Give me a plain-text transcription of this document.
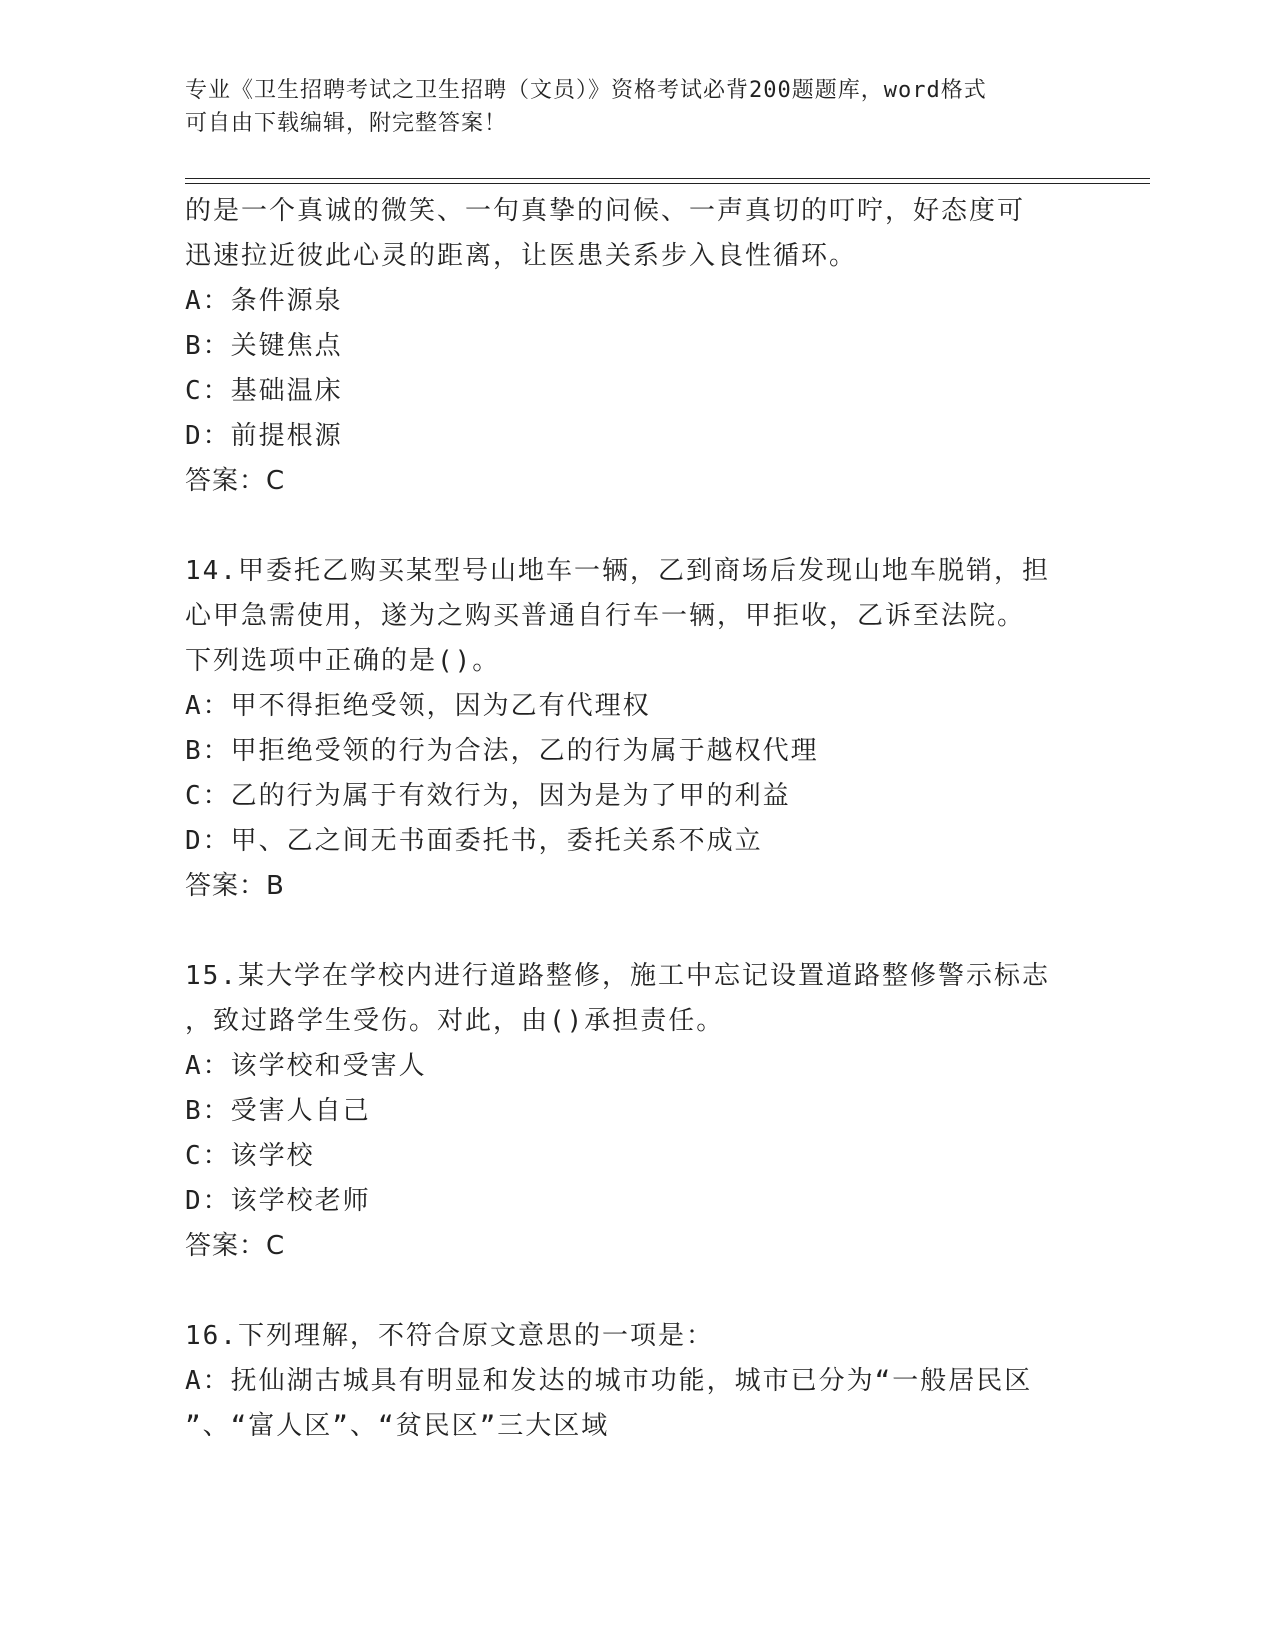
专业《卫生招聘考试之卫生招聘（文员）》资格考试必背200题题库，word格式
可自由下载编辑，附完整答案！
的是一个真诚的微笑、一句真挚的问候、一声真切的叮咛，好态度可
迅速拉近彼此心灵的距离，让医患关系步入良性循环。
A：条件源泉
B：关键焦点
C：基础温床
D：前提根源
答案：C
14.甲委托乙购买某型号山地车一辆，乙到商场后发现山地车脱销，担
心甲急需使用，遂为之购买普通自行车一辆，甲拒收，乙诉至法院。
下列选项中正确的是()。
A：甲不得拒绝受领，因为乙有代理权
B：甲拒绝受领的行为合法，乙的行为属于越权代理
C：乙的行为属于有效行为，因为是为了甲的利益
D：甲、乙之间无书面委托书，委托关系不成立
答案：B
15.某大学在学校内进行道路整修，施工中忘记设置道路整修警示标志
，致过路学生受伤。对此，由()承担责任。
A：该学校和受害人
B：受害人自己
C：该学校
D：该学校老师
答案：C
16.下列理解，不符合原文意思的一项是：
A：抚仙湖古城具有明显和发达的城市功能，城市已分为“一般居民区
”、“富人区”、“贫民区”三大区域
